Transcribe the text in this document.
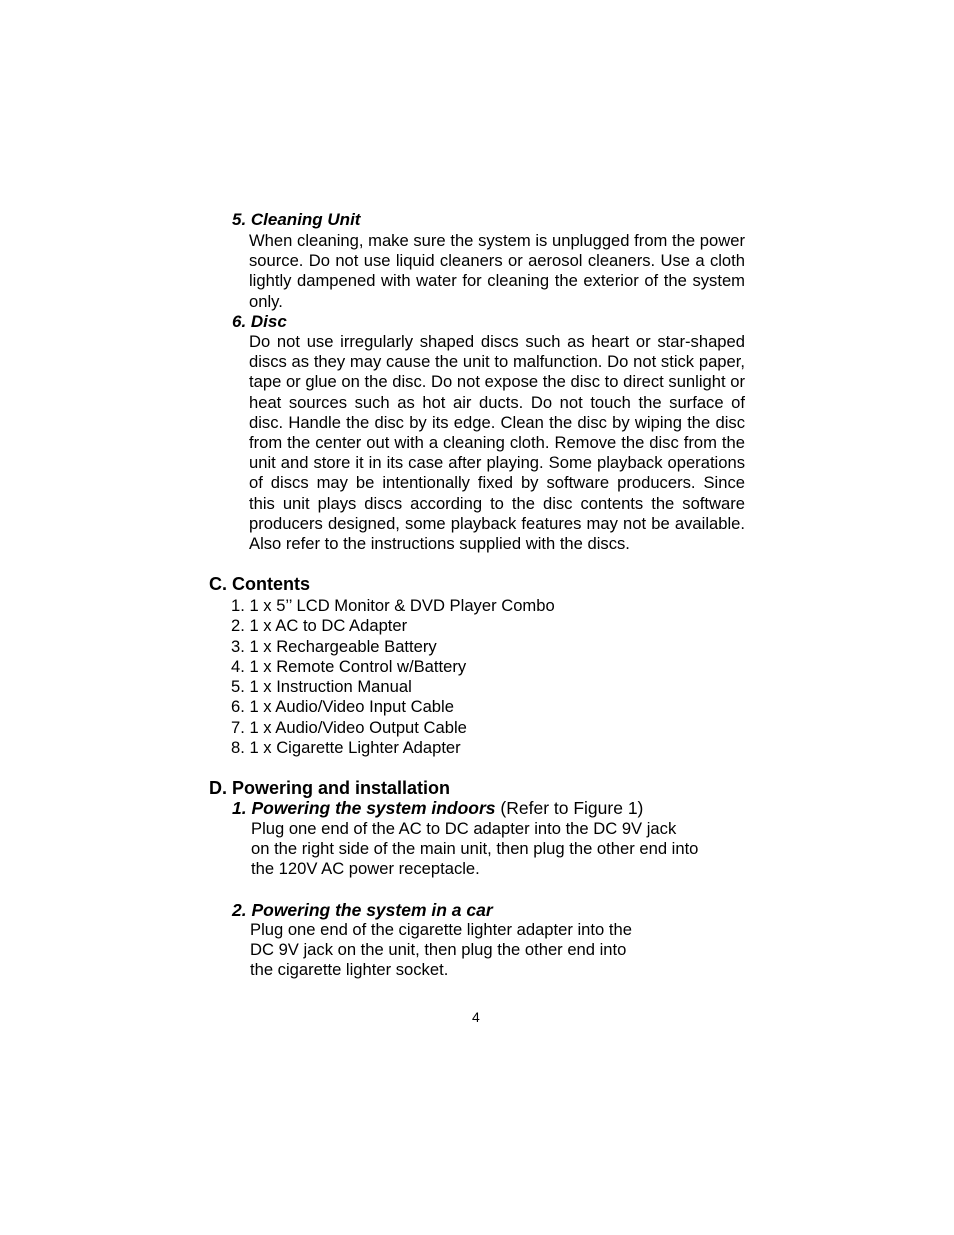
5. Cleaning Unit

When cleaning, make sure the system is unplugged from the power source. Do not use liquid cleaners or aerosol cleaners. Use a cloth lightly dampened with water for cleaning the exterior of the system only.

6. Disc

Do not use irregularly shaped discs such as heart or star-shaped discs as they may cause the unit to malfunction. Do not stick paper, tape or glue on the disc. Do not expose the disc to direct sunlight or heat sources such as hot air ducts. Do not touch the surface of disc. Handle the disc by its edge. Clean the disc by wiping the disc from the center out with a cleaning cloth. Remove the disc from the unit and store it in its case after playing. Some playback operations of discs may be intentionally fixed by software producers. Since this unit plays discs according to the disc contents the software producers designed, some playback features may not be available. Also refer to the instructions supplied with the discs.

C. Contents
1. 1 x 5’’ LCD Monitor & DVD Player Combo
2. 1 x AC to DC Adapter
3. 1 x Rechargeable Battery
4. 1 x Remote Control w/Battery
5. 1 x Instruction Manual
6. 1 x Audio/Video Input Cable
7. 1 x Audio/Video Output Cable
8. 1 x Cigarette Lighter Adapter
D. Powering and installation
1. Powering the system indoors (Refer to Figure 1)
Plug one end of the AC to DC adapter into the DC 9V jack
on the right side of the main unit, then plug the other end into
the 120V AC power receptacle.
2. Powering the system in a car
Plug one end of the cigarette lighter adapter into the
DC 9V jack on the unit, then plug the other end into
the cigarette lighter socket.
4
